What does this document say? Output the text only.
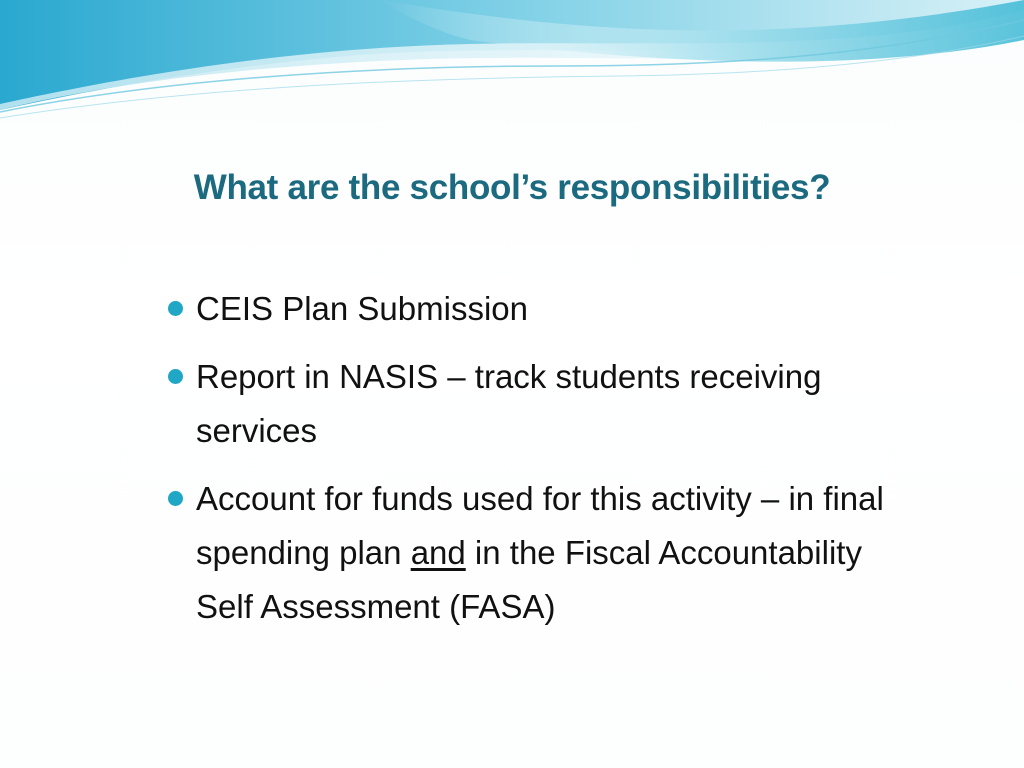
What are the school’s responsibilities?
CEIS Plan Submission
Report in NASIS – track students receiving services
Account for funds used for this activity – in final spending plan and in the Fiscal Accountability Self Assessment (FASA)
